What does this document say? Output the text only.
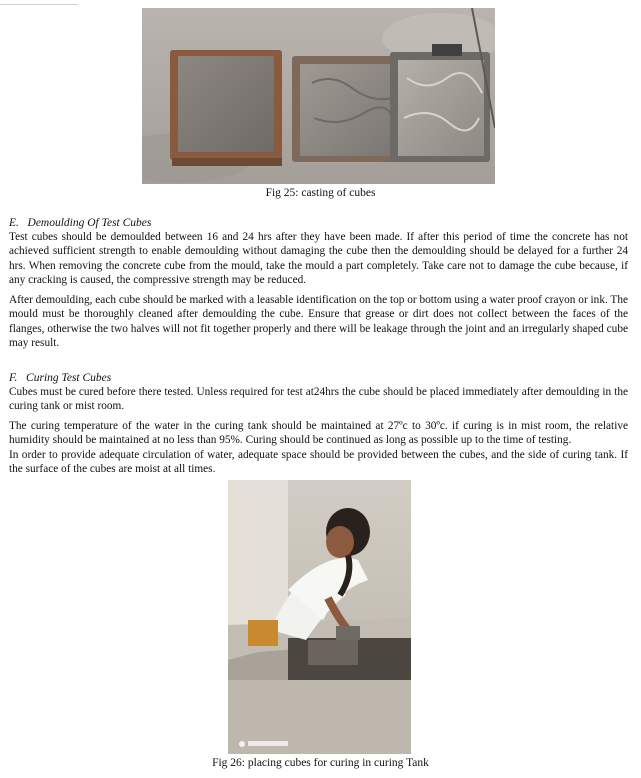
Fig 25: casting of cubes
E.   Demoulding Of Test Cubes

Test cubes should be demoulded between 16 and 24 hrs after they have been made. If after this period of time the concrete has not achieved sufficient strength to enable demoulding without damaging the cube then the demoulding should be delayed for a further 24 hrs. When removing the concrete cube from the mould, take the mould a part completely. Take care not to damage the cube because, if any cracking is caused, the compressive strength may be reduced.

After demoulding, each cube should be marked with a leasable identification on the top or bottom using a water proof crayon or ink. The mould must be thoroughly cleaned after demoulding the cube. Ensure that grease or dirt does not collect between the faces of the flanges, otherwise the two halves will not fit together properly and there will be leakage through the joint and an irregularly shaped cube may result.

F.   Curing Test Cubes

Cubes must be cured before there tested. Unless required for test at24hrs the cube should be placed immediately after demoulding in the curing tank or mist room.

The curing temperature of the water in the curing tank should be maintained at 27ºc to 30ºc. if curing is in mist room, the relative humidity should be maintained at no less than 95%. Curing should be continued as long as possible up to the time of testing.

In order to provide adequate circulation of water, adequate space should be provided between the cubes, and the side of curing tank. If the surface of the cubes are moist at all times.

Fig 26: placing cubes for curing in curing Tank
